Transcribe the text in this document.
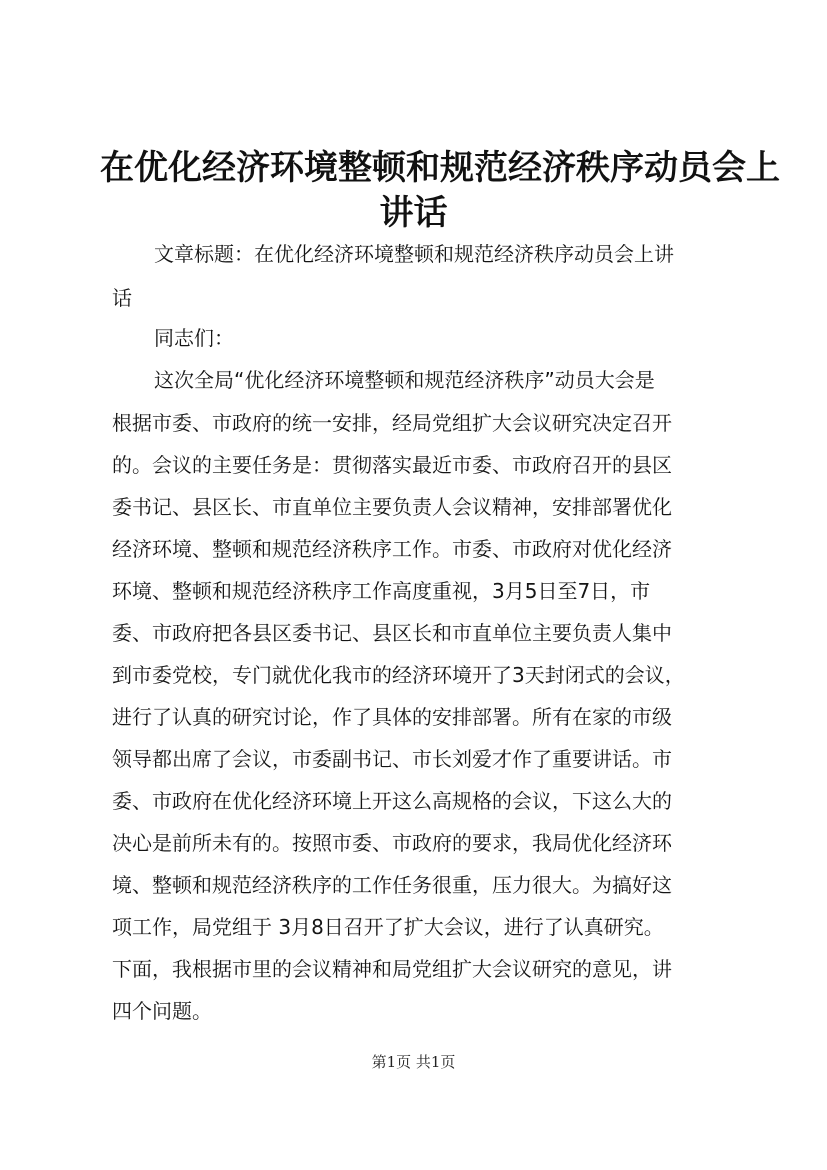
在优化经济环境整顿和规范经济秩序动员会上
讲话
文章标题：在优化经济环境整顿和规范经济秩序动员会上讲
话
同志们：
这次全局“优化经济环境整顿和规范经济秩序”动员大会是
根据市委、市政府的统一安排，经局党组扩大会议研究决定召开
的。会议的主要任务是：贯彻落实最近市委、市政府召开的县区
委书记、县区长、市直单位主要负责人会议精神，安排部署优化
经济环境、整顿和规范经济秩序工作。市委、市政府对优化经济
环境、整顿和规范经济秩序工作高度重视，3月5日至7日，市
委、市政府把各县区委书记、县区长和市直单位主要负责人集中
到市委党校，专门就优化我市的经济环境开了3天封闭式的会议，
进行了认真的研究讨论，作了具体的安排部署。所有在家的市级
领导都出席了会议，市委副书记、市长刘爱才作了重要讲话。市
委、市政府在优化经济环境上开这么高规格的会议，下这么大的
决心是前所未有的。按照市委、市政府的要求，我局优化经济环
境、整顿和规范经济秩序的工作任务很重，压力很大。为搞好这
项工作，局党组于 3月8日召开了扩大会议，进行了认真研究。
下面，我根据市里的会议精神和局党组扩大会议研究的意见，讲
四个问题。
第1页 共1页
